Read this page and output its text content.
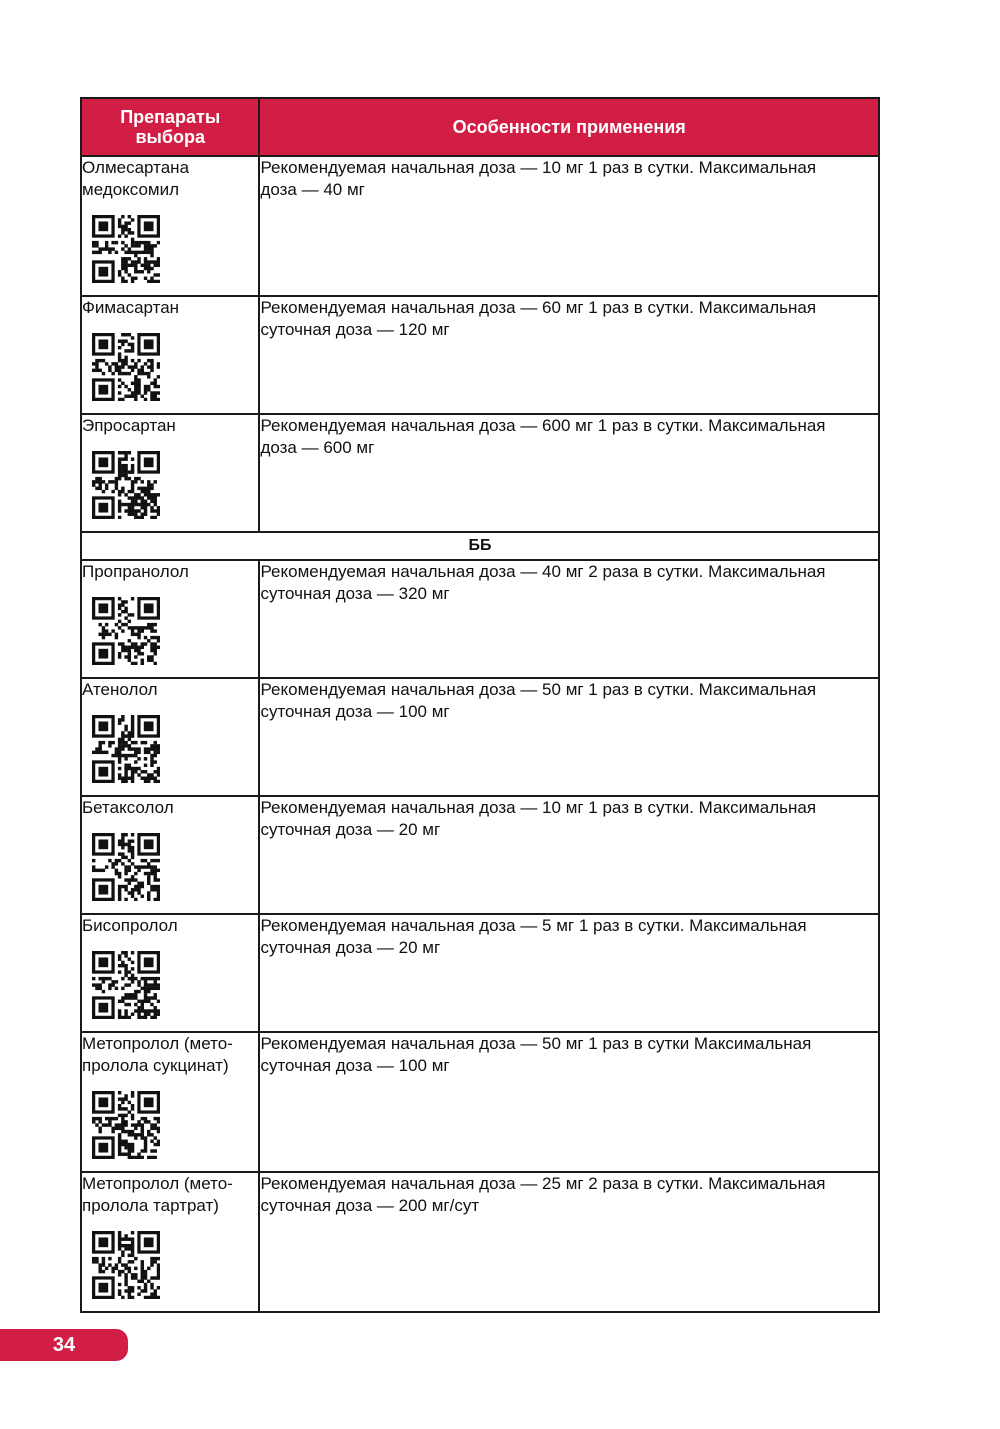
Препараты
выбора	Особенности применения

Олмесартана
медоксомил	Рекомендуемая начальная доза — 10 мг 1 раз в сутки. Максимальная
доза — 40 мг

Фимасартан	Рекомендуемая начальная доза — 60 мг 1 раз в сутки. Максимальная
суточная доза — 120 мг

Эпросартан	Рекомендуемая начальная доза — 600 мг 1 раз в сутки. Максимальная
доза — 600 мг
ББ	

Пропранолол	Рекомендуемая начальная доза — 40 мг 2 раза в сутки. Максимальная
суточная доза — 320 мг

Атенолол	Рекомендуемая начальная доза — 50 мг 1 раз в сутки. Максимальная
суточная доза — 100 мг

Бетаксолол	Рекомендуемая начальная доза — 10 мг 1 раз в сутки. Максимальная
суточная доза — 20 мг

Бисопролол	Рекомендуемая начальная доза — 5 мг 1 раз в сутки. Максимальная
суточная доза — 20 мг

Метопролол (мето-
пролола сукцинат)	Рекомендуемая начальная доза — 50 мг 1 раз в сутки Максимальная
суточная доза — 100 мг

Метопролол (мето-
пролола тартрат)	Рекомендуемая начальная доза — 25 мг 2 раза в сутки. Максимальная
суточная доза — 200 мг/сут
34
